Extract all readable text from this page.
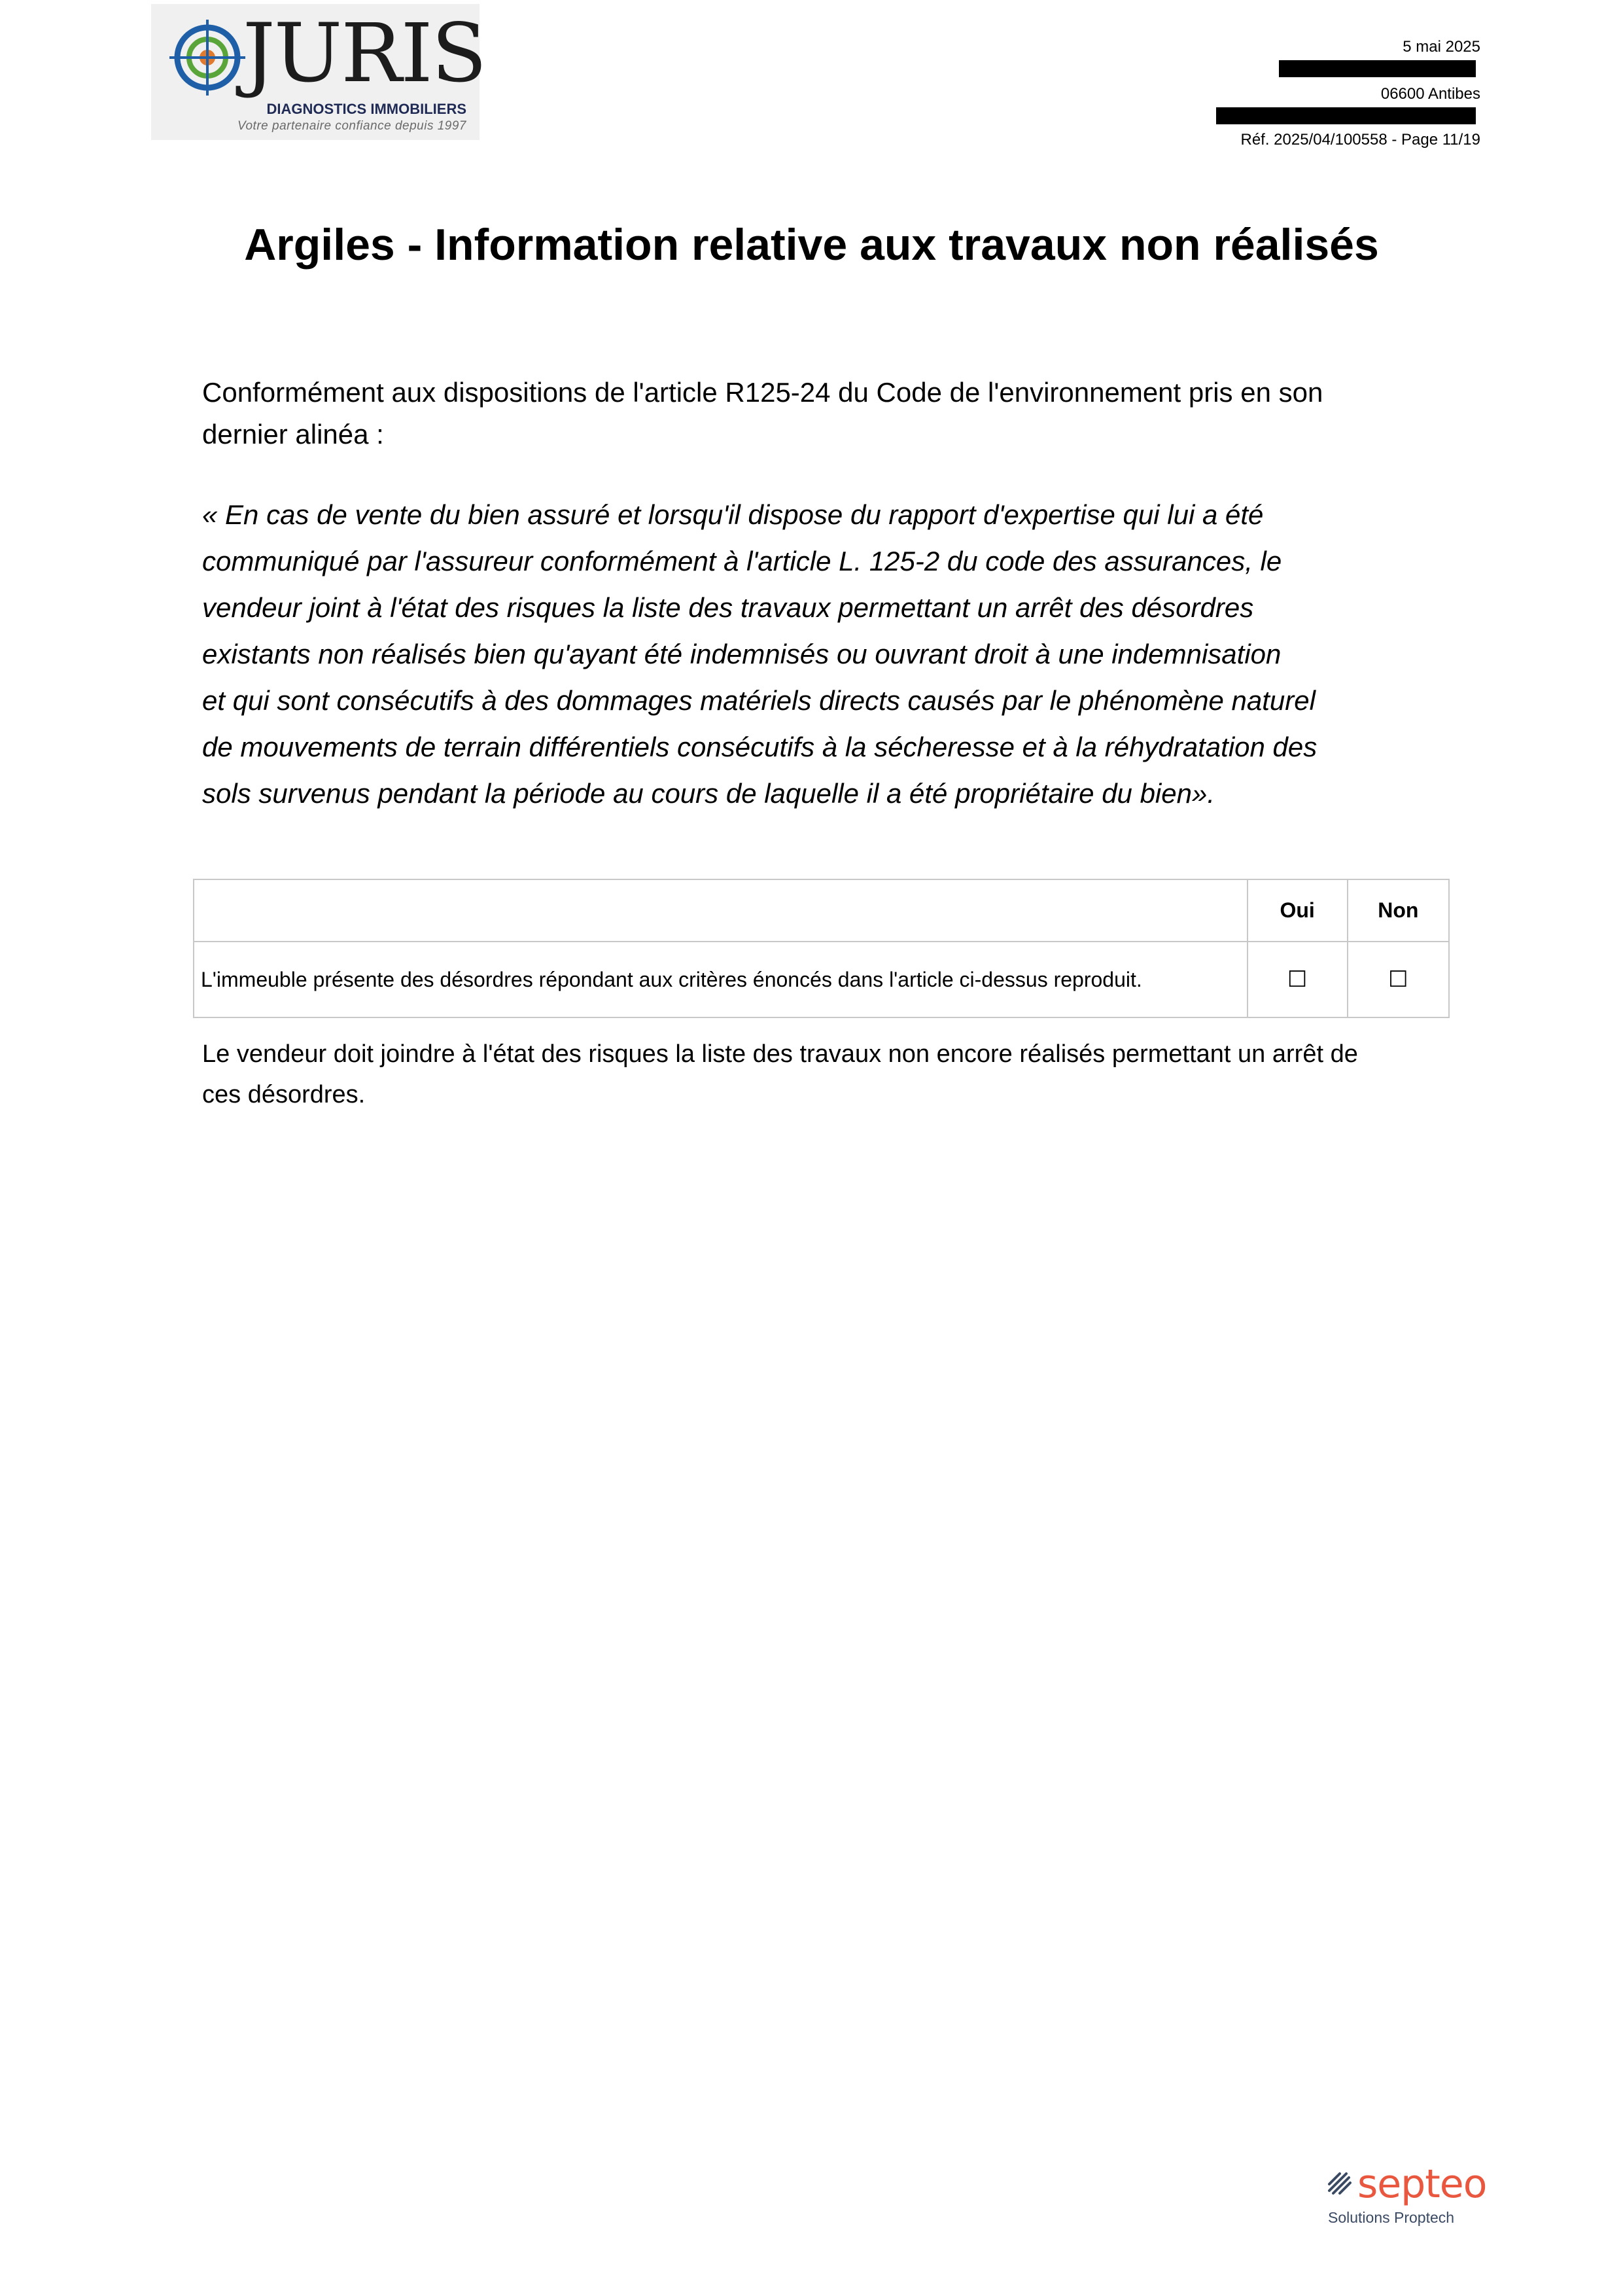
JURIS
DIAGNOSTICS IMMOBILIERS
Votre partenaire confiance depuis 1997
5 mai 2025
06600 Antibes
Réf. 2025/04/100558 - Page 11/19
Argiles - Information relative aux travaux non réalisés

Conformément aux dispositions de l'article R125-24 du Code de l'environnement pris en son dernier alinéa :

« En cas de vente du bien assuré et lorsqu'il dispose du rapport d'expertise qui lui a été
communiqué par l'assureur conformément à l'article L. 125-2 du code des assurances, le
vendeur joint à l'état des risques la liste des travaux permettant un arrêt des désordres
existants non réalisés bien qu'ayant été indemnisés ou ouvrant droit à une indemnisation
et qui sont consécutifs à des dommages matériels directs causés par le phénomène naturel
de mouvements de terrain différentiels consécutifs à la sécheresse et à la réhydratation des
sols survenus pendant la période au cours de laquelle il a été propriétaire du bien».

	Oui	Non
L'immeuble présente des désordres répondant aux critères énoncés dans l'article ci-dessus reproduit.	☐	☐

Le vendeur doit joindre à l'état des risques la liste des travaux non encore réalisés permettant un arrêt de ces désordres.

septeo
Solutions Proptech
